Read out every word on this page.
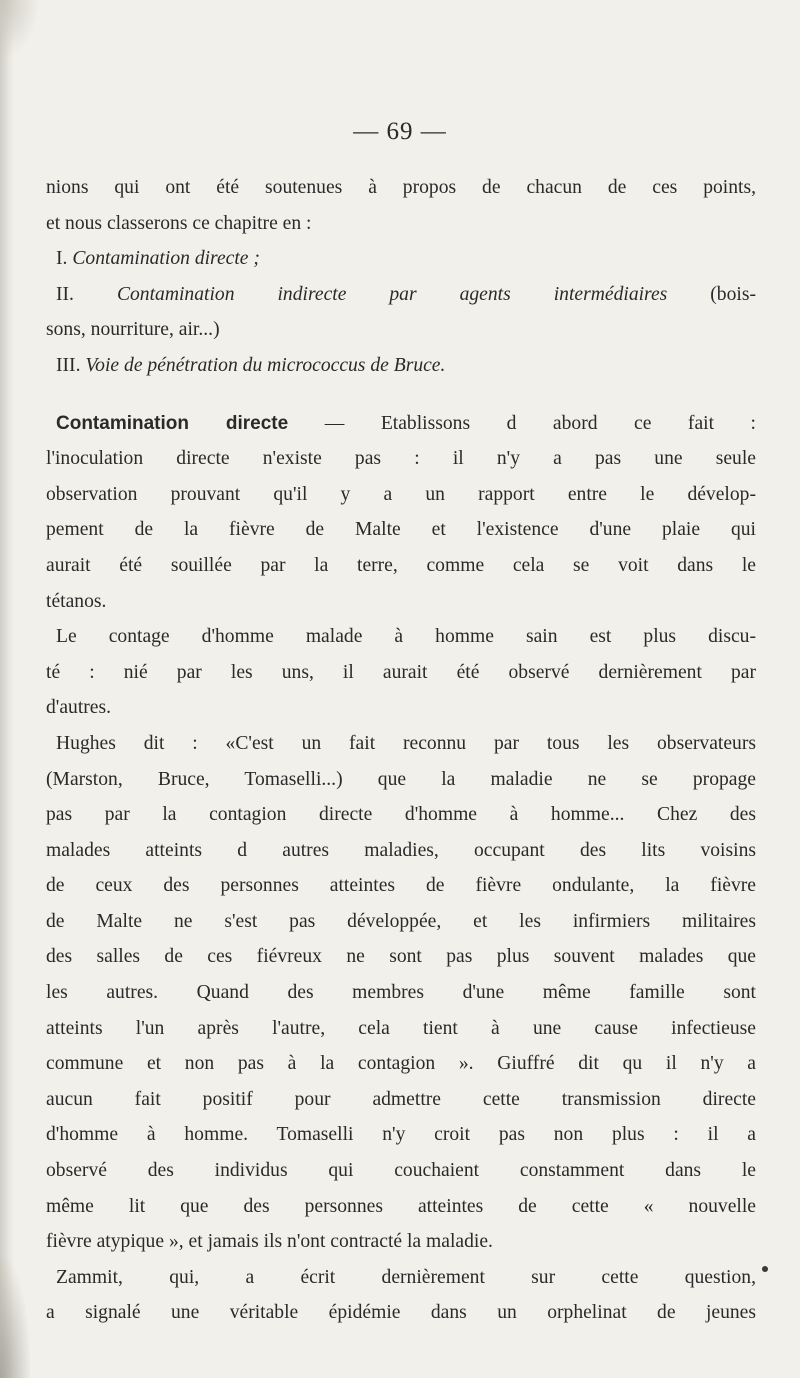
— 69 —
nions qui ont été soutenues à propos de chacun de ces points,
et nous classerons ce chapitre en :
I. Contamination directe ;
II. Contamination indirecte par agents intermédiaires (bois-
sons, nourriture, air...)
III. Voie de pénétration du micrococcus de Bruce.
Contamination directe — Etablissons d abord ce fait :
l'inoculation directe n'existe pas : il n'y a pas une seule
observation prouvant qu'il y a un rapport entre le dévelop-
pement de la fièvre de Malte et l'existence d'une plaie qui
aurait été souillée par la terre, comme cela se voit dans le
tétanos.
Le contage d'homme malade à homme sain est plus discu-
té : nié par les uns, il aurait été observé dernièrement par
d'autres.
Hughes dit : «C'est un fait reconnu par tous les observateurs
(Marston, Bruce, Tomaselli...) que la maladie ne se propage
pas par la contagion directe d'homme à homme... Chez des
malades atteints d autres maladies, occupant des lits voisins
de ceux des personnes atteintes de fièvre ondulante, la fièvre
de Malte ne s'est pas développée, et les infirmiers militaires
des salles de ces fiévreux ne sont pas plus souvent malades que
les autres. Quand des membres d'une même famille sont
atteints l'un après l'autre, cela tient à une cause infectieuse
commune et non pas à la contagion ». Giuffré dit qu il n'y a
aucun fait positif pour admettre cette transmission directe
d'homme à homme. Tomaselli n'y croit pas non plus : il a
observé des individus qui couchaient constamment dans le
même lit que des personnes atteintes de cette « nouvelle
fièvre atypique », et jamais ils n'ont contracté la maladie.
Zammit, qui, a écrit dernièrement sur cette question,
a signalé une véritable épidémie dans un orphelinat de jeunes
